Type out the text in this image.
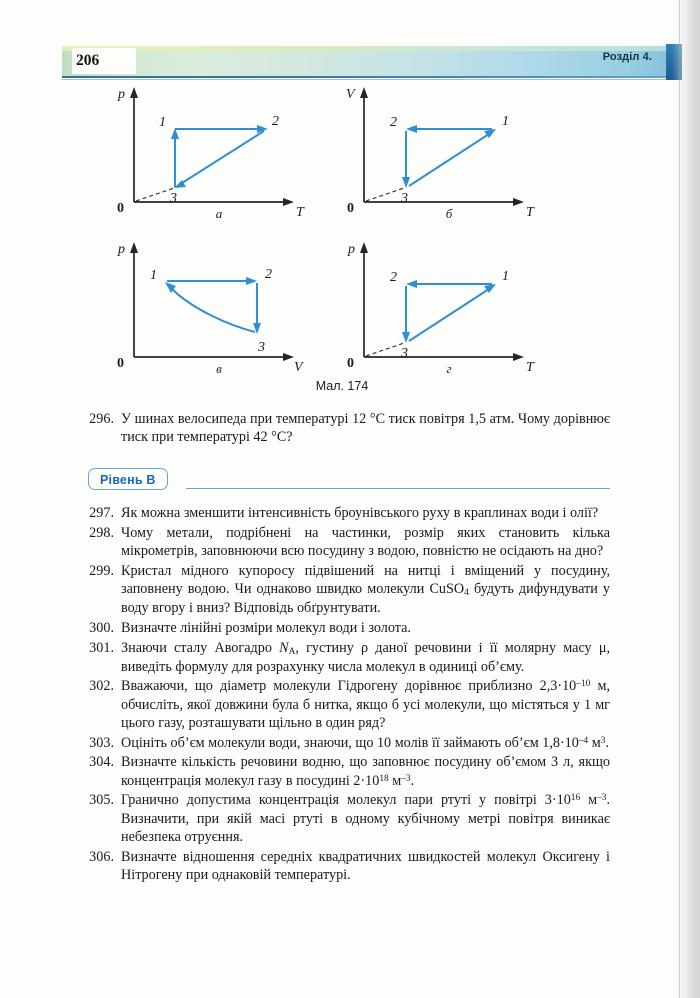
206	Розділ 4.
p
T
0
1	2
3
а
V
T
0
2	1
3
б
p
V
0
1	2
3
в
p
T
0
2	1
3
г
Мал. 174
296. У шинах велосипеда при температурі 12 °С тиск повітря 1,5 атм. Чому дорівнює тиск при температурі 42 °С?
Рівень В
297. Як можна зменшити інтенсивність броунівського руху в краплинах води і олії?
298. Чому метали, подрібнені на частинки, розмір яких становить кілька мікрометрів, заповнюючи всю посудину з водою, повністю не осідають на дно?
299. Кристал мідного купоросу підвішений на нитці і вміщений у посудину, заповнену водою. Чи однаково швидко молекули CuSO$_4$ будуть дифундувати у воду вгору і вниз? Відповідь обґрунтувати.
300. Визначте лінійні розміри молекул води і золота.
301. Знаючи сталу Авогадро $N_A$, густину ρ даної речовини і її молярну масу μ, виведіть формулу для розрахунку числа молекул в одиниці об’єму.
302. Вважаючи, що діаметр молекули Гідрогену дорівнює приблизно $2,3\cdot 10^{-10}$ м, обчисліть, якої довжини була б нитка, якщо б усі молекули, що містяться у 1 мг цього газу, розташувати щільно в один ряд?
303. Оцініть об’єм молекули води, знаючи, що 10 молів її займають об’єм $1,8\cdot 10^{-4}$ $м^3$.
304. Визначте кількість речовини водню, що заповнює посудину об’ємом 3 л, якщо концентрація молекул газу в посудині $2\cdot 10^{18}$ $м^{-3}$.
305. Гранично допустима концентрація молекул пари ртуті у повітрі $3\cdot 10^{16}$ $м^{-3}$. Визначити, при якій масі ртуті в одному кубічному метрі повітря виникає небезпека отруєння.
306. Визначте відношення середніх квадратичних швидкостей молекул Оксигену і Нітрогену при однаковій температурі.
